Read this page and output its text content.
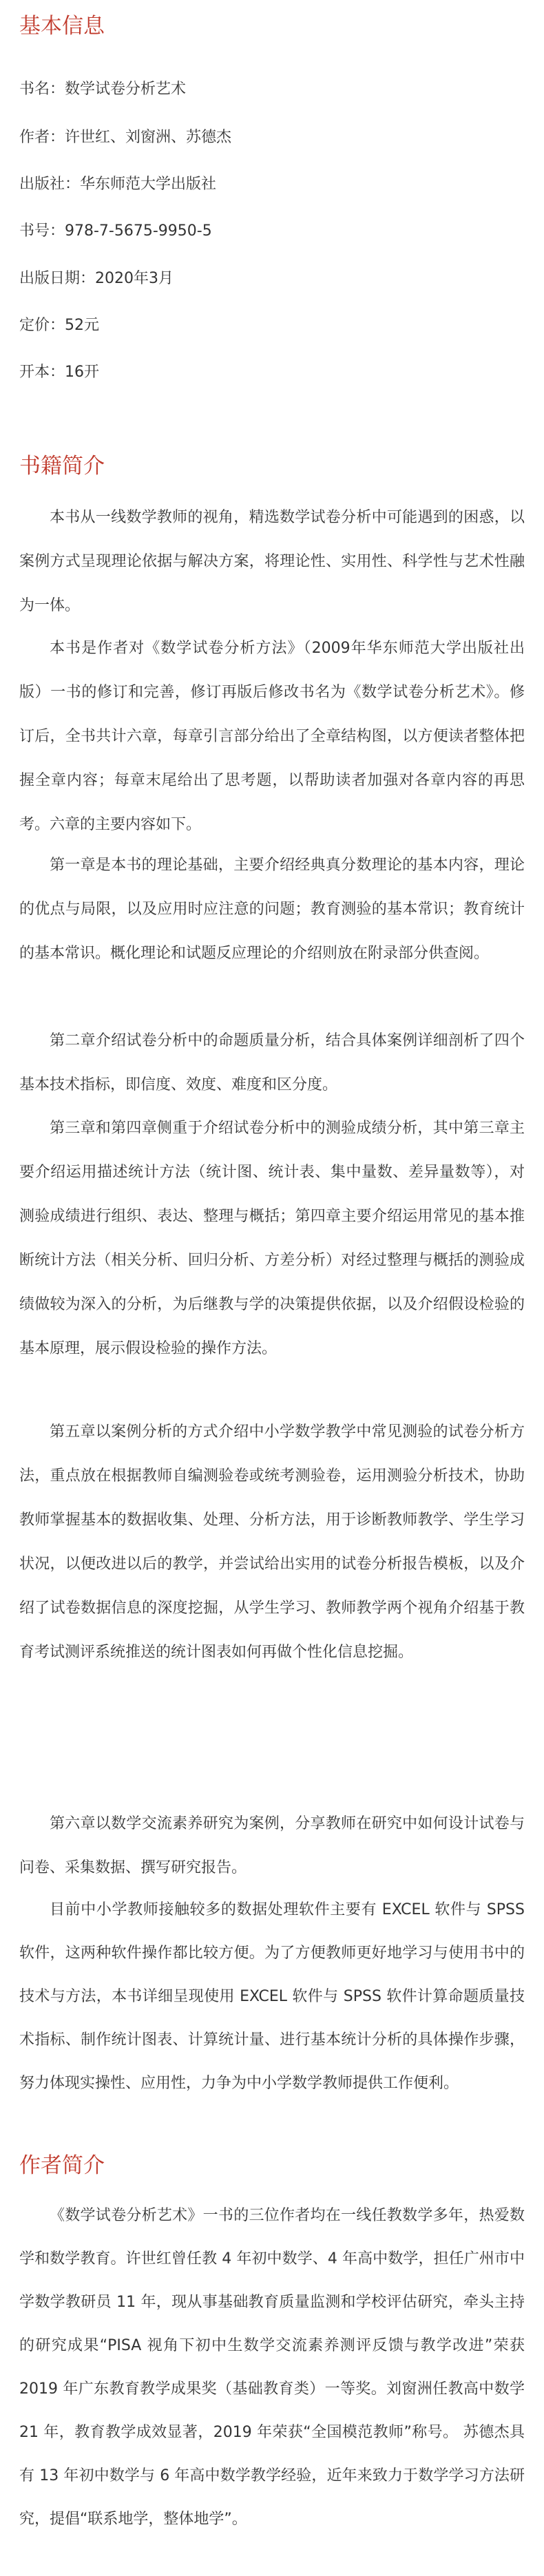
基本信息
书名：数学试卷分析艺术
作者：许世红、刘窗洲、苏德杰
出版社：华东师范大学出版社
书号：978-7-5675-9950-5
出版日期：2020年3月
定价：52元
开本：16开
书籍简介

本书从一线数学教师的视角，精选数学试卷分析中可能遇到的困惑，以案例方式呈现理论依据与解决方案，将理论性、实用性、科学性与艺术性融为一体。

本书是作者对《数学试卷分析方法》（2009年华东师范大学出版社出版）一书的修订和完善，修订再版后修改书名为《数学试卷分析艺术》。修订后，全书共计六章，每章引言部分给出了全章结构图，以方便读者整体把握全章内容；每章末尾给出了思考题，以帮助读者加强对各章内容的再思考。六章的主要内容如下。

第一章是本书的理论基础，主要介绍经典真分数理论的基本内容，理论的优点与局限，以及应用时应注意的问题；教育测验的基本常识；教育统计的基本常识。概化理论和试题反应理论的介绍则放在附录部分供查阅。

第二章介绍试卷分析中的命题质量分析，结合具体案例详细剖析了四个基本技术指标，即信度、效度、难度和区分度。

第三章和第四章侧重于介绍试卷分析中的测验成绩分析，其中第三章主要介绍运用描述统计方法（统计图、统计表、集中量数、差异量数等），对测验成绩进行组织、表达、整理与概括；第四章主要介绍运用常见的基本推断统计方法（相关分析、回归分析、方差分析）对经过整理与概括的测验成绩做较为深入的分析，为后继教与学的决策提供依据，以及介绍假设检验的基本原理，展示假设检验的操作方法。

第五章以案例分析的方式介绍中小学数学教学中常见测验的试卷分析方法，重点放在根据教师自编测验卷或统考测验卷，运用测验分析技术，协助教师掌握基本的数据收集、处理、分析方法，用于诊断教师教学、学生学习状况，以便改进以后的教学，并尝试给出实用的试卷分析报告模板，以及介绍了试卷数据信息的深度挖掘，从学生学习、教师教学两个视角介绍基于教育考试测评系统推送的统计图表如何再做个性化信息挖掘。

第六章以数学交流素养研究为案例，分享教师在研究中如何设计试卷与问卷、采集数据、撰写研究报告。

目前中小学教师接触较多的数据处理软件主要有 EXCEL 软件与 SPSS 软件，这两种软件操作都比较方便。为了方便教师更好地学习与使用书中的技术与方法，本书详细呈现使用 EXCEL 软件与 SPSS 软件计算命题质量技术指标、制作统计图表、计算统计量、进行基本统计分析的具体操作步骤，努力体现实操性、应用性，力争为中小学数学教师提供工作便利。

作者简介

《数学试卷分析艺术》一书的三位作者均在一线任教数学多年，热爱数学和数学教育。许世红曾任教 4 年初中数学、4 年高中数学，担任广州市中学数学教研员 11 年，现从事基础教育质量监测和学校评估研究，牵头主持的研究成果“PISA 视角下初中生数学交流素养测评反馈与教学改进”荣获 2019 年广东教育教学成果奖（基础教育类）一等奖。刘窗洲任教高中数学 21 年，教育教学成效显著，2019 年荣获“全国模范教师”称号。 苏德杰具有 13 年初中数学与 6 年高中数学教学经验，近年来致力于数学学习方法研究，提倡“联系地学，整体地学”。
